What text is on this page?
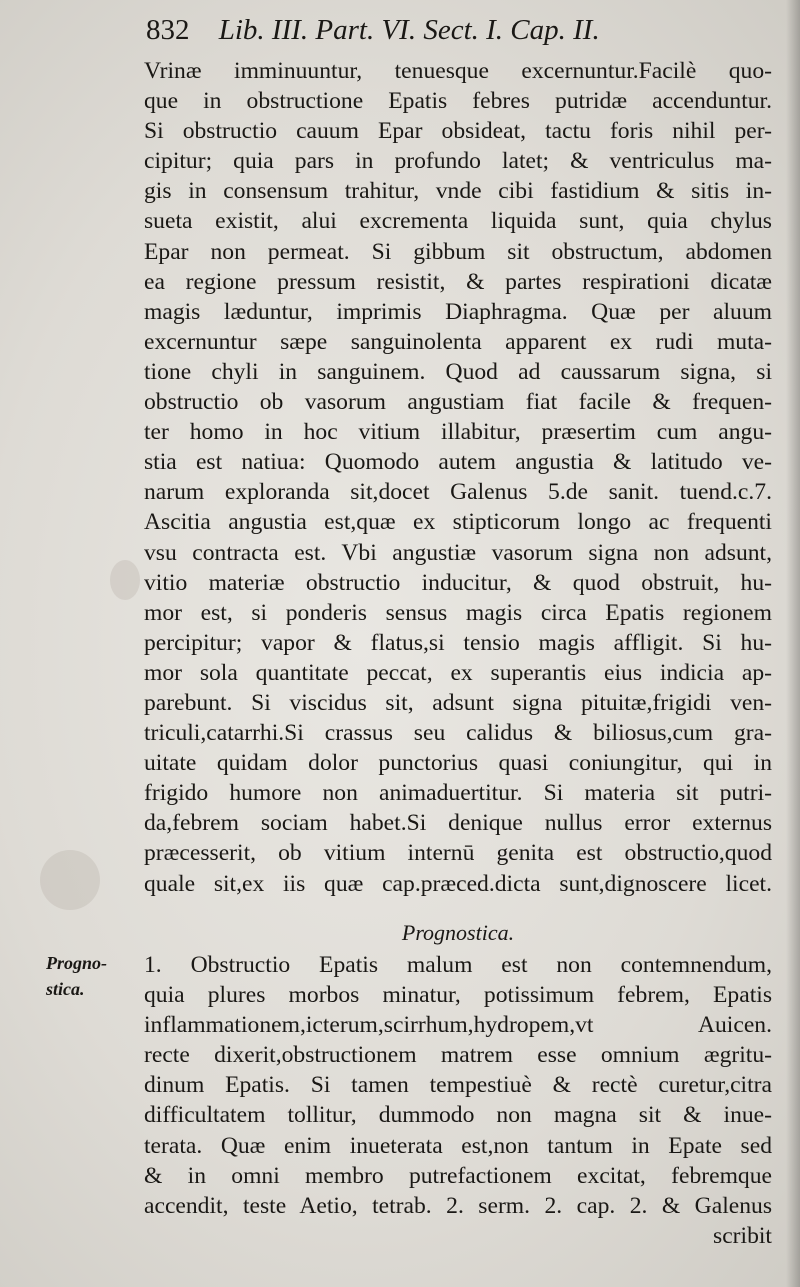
832 Lib. III. Part. VI. Sect. I. Cap. II.
Vrinæ imminuuntur, tenuesque excernuntur.Facilè quo-
que in obstructione Epatis febres putridæ accenduntur.
Si obstructio cauum Epar obsideat, tactu foris nihil per-
cipitur; quia pars in profundo latet; & ventriculus ma-
gis in consensum trahitur, vnde cibi fastidium & sitis in-
sueta existit, alui excrementa liquida sunt, quia chylus
Epar non permeat. Si gibbum sit obstructum, abdomen
ea regione pressum resistit, & partes respirationi dicatæ
magis læduntur, imprimis Diaphragma. Quæ per aluum
excernuntur sæpe sanguinolenta apparent ex rudi muta-
tione chyli in sanguinem. Quod ad caussarum signa, si
obstructio ob vasorum angustiam fiat facile & frequen-
ter homo in hoc vitium illabitur, præsertim cum angu-
stia est natiua: Quomodo autem angustia & latitudo ve-
narum exploranda sit,docet Galenus 5.de sanit. tuend.c.7.
Ascitia angustia est,quæ ex stipticorum longo ac frequenti
vsu contracta est. Vbi angustiæ vasorum signa non adsunt,
vitio materiæ obstructio inducitur, & quod obstruit, hu-
mor est, si ponderis sensus magis circa Epatis regionem
percipitur; vapor & flatus,si tensio magis affligit. Si hu-
mor sola quantitate peccat, ex superantis eius indicia ap-
parebunt. Si viscidus sit, adsunt signa pituitæ,frigidi ven-
triculi,catarrhi.Si crassus seu calidus & biliosus,cum gra-
uitate quidam dolor punctorius quasi coniungitur, qui in
frigido humore non animaduertitur. Si materia sit putri-
da,febrem sociam habet.Si denique nullus error externus
præcesserit, ob vitium internū genita est obstructio,quod
quale sit,ex iis quæ cap.præced.dicta sunt,dignoscere licet.
Prognostica.
Progno-
stica.
1. Obstructio Epatis malum est non contemnendum,
quia plures morbos minatur, potissimum febrem, Epatis
inflammationem,icterum,scirrhum,hydropem,vt Auicen.
recte dixerit,obstructionem matrem esse omnium ægritu-
dinum Epatis. Si tamen tempestiuè & rectè curetur,citra
difficultatem tollitur, dummodo non magna sit & inue-
terata. Quæ enim inueterata est,non tantum in Epate sed
& in omni membro putrefactionem excitat, febremque
accendit, teste Aetio, tetrab. 2. serm. 2. cap. 2. & Galenus
scribit
